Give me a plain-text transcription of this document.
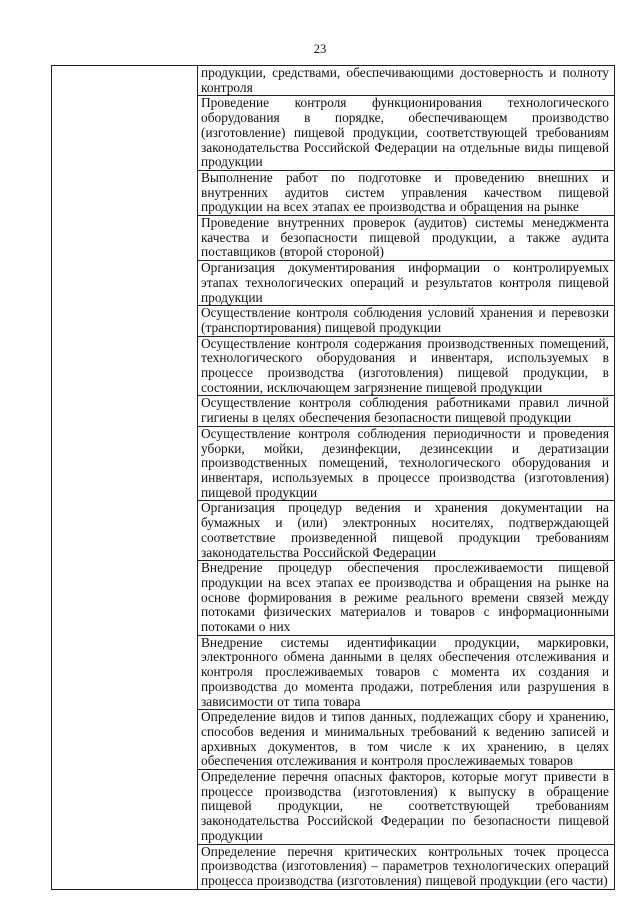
23

продукции, средствами, обеспечивающими достоверность и полноту контроля

Проведение контроля функционирования технологического оборудования в порядке, обеспечивающем производство (изготовление) пищевой продукции, соответствующей требованиям законодательства Российской Федерации на отдельные виды пищевой продукции

Выполнение работ по подготовке и проведению внешних и внутренних аудитов систем управления качеством пищевой продукции на всех этапах ее производства и обращения на рынке

Проведение внутренних проверок (аудитов) системы менеджмента качества и безопасности пищевой продукции, а также аудита поставщиков (второй стороной)

Организация документирования информации о контролируемых этапах технологических операций и результатов контроля пищевой продукции

Осуществление контроля соблюдения условий хранения и перевозки (транспортирования) пищевой продукции

Осуществление контроля содержания производственных помещений, технологического оборудования и инвентаря, используемых в процессе производства (изготовления) пищевой продукции, в состоянии, исключающем загрязнение пищевой продукции

Осуществление контроля соблюдения работниками правил личной гигиены в целях обеспечения безопасности пищевой продукции

Осуществление контроля соблюдения периодичности и проведения уборки, мойки, дезинфекции, дезинсекции и дератизации производственных помещений, технологического оборудования и инвентаря, используемых в процессе производства (изготовления) пищевой продукции

Организация процедур ведения и хранения документации на бумажных и (или) электронных носителях, подтверждающей соответствие произведенной пищевой продукции требованиям законодательства Российской Федерации

Внедрение процедур обеспечения прослеживаемости пищевой продукции на всех этапах ее производства и обращения на рынке на основе формирования в режиме реального времени связей между потоками физических материалов и товаров с информационными потоками о них

Внедрение системы идентификации продукции, маркировки, электронного обмена данными в целях обеспечения отслеживания и контроля прослеживаемых товаров с момента их создания и производства до момента продажи, потребления или разрушения в зависимости от типа товара

Определение видов и типов данных, подлежащих сбору и хранению, способов ведения и минимальных требований к ведению записей и архивных документов, в том числе к их хранению, в целях обеспечения отслеживания и контроля прослеживаемых товаров

Определение перечня опасных факторов, которые могут привести в процессе производства (изготовления) к выпуску в обращение пищевой продукции, не соответствующей требованиям законодательства Российской Федерации по безопасности пищевой продукции

Определение перечня критических контрольных точек процесса производства (изготовления) – параметров технологических операций процесса производства (изготовления) пищевой продукции (его части)
